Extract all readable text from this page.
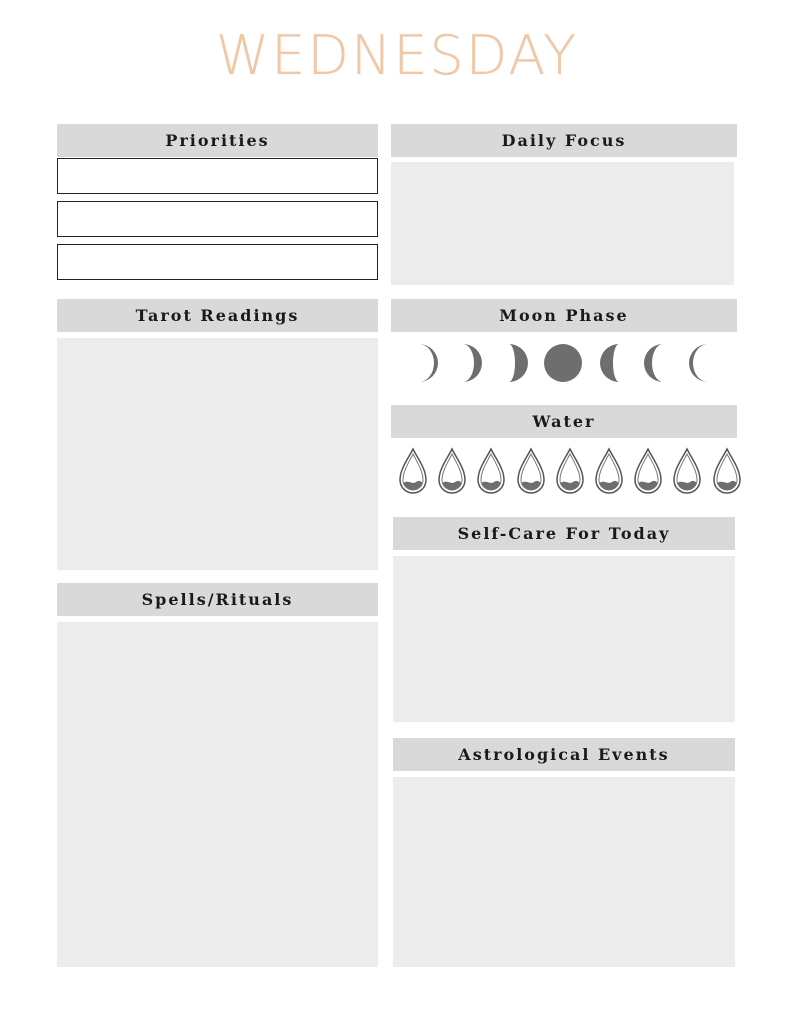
WEDNESDAY
Priorities	Daily Focus
Tarot Readings	Moon Phase
Water
Self-Care For Today
Spells/Rituals
Astrological Events
